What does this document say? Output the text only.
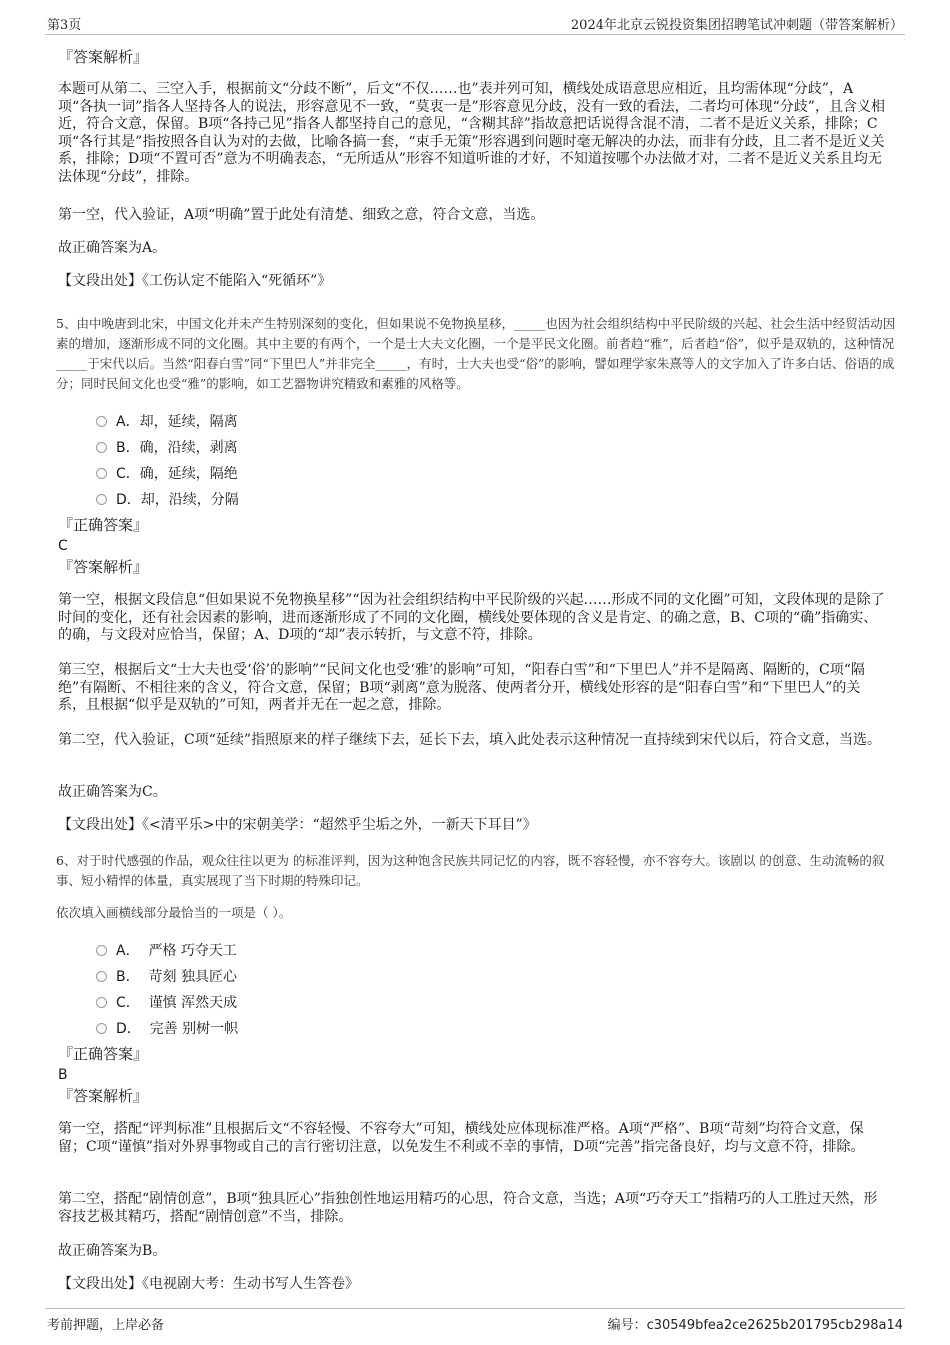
第3页	2024年北京云锐投资集团招聘笔试冲刺题（带答案解析）

『答案解析』

本题可从第二、三空入手，根据前文“分歧不断”，后文“不仅……也”表并列可知，横线处成语意思应相近，且均需体现“分歧”，A项“各执一词”指各人坚持各人的说法，形容意见不一致，“莫衷一是”形容意见分歧，没有一致的看法，二者均可体现“分歧”，且含义相近，符合文意，保留。B项“各持己见”指各人都坚持自己的意见，“含糊其辞”指故意把话说得含混不清，二者不是近义关系，排除；C项“各行其是”指按照各自认为对的去做，比喻各搞一套，“束手无策”形容遇到问题时毫无解决的办法，而非有分歧，且二者不是近义关系，排除；D项“不置可否”意为不明确表态，“无所适从”形容不知道听谁的才好，不知道按哪个办法做才对，二者不是近义关系且均无法体现“分歧”，排除。

第一空，代入验证，A项“明确”置于此处有清楚、细致之意，符合文意，当选。

故正确答案为A。

【文段出处】《工伤认定不能陷入“死循环”》

5、由中晚唐到北宋，中国文化并未产生特别深刻的变化，但如果说不免物换星移，_____也因为社会组织结构中平民阶级的兴起、社会生活中经贸活动因素的增加，逐渐形成不同的文化圈。其中主要的有两个，一个是士大夫文化圈，一个是平民文化圈。前者趋“雅”，后者趋“俗”，似乎是双轨的，这种情况_____于宋代以后。当然“阳春白雪”同“下里巴人”并非完全_____，有时，士大夫也受“俗”的影响，譬如理学家朱熹等人的文字加入了许多白话、俗语的成分；同时民间文化也受“雅”的影响，如工艺器物讲究精致和素雅的风格等。

A．却，延续，隔离
B．确，沿续，剥离
C．确，延续，隔绝
D．却，沿续，分隔

『正确答案』

C

『答案解析』

第一空，根据文段信息“但如果说不免物换星移”“因为社会组织结构中平民阶级的兴起……形成不同的文化圈”可知，文段体现的是除了时间的变化，还有社会因素的影响，进而逐渐形成了不同的文化圈，横线处要体现的含义是肯定、的确之意，B、C项的“确”指确实、的确，与文段对应恰当，保留；A、D项的“却”表示转折，与文意不符，排除。

第三空，根据后文“士大夫也受‘俗’的影响”“民间文化也受‘雅’的影响”可知，“阳春白雪”和“下里巴人”并不是隔离、隔断的，C项“隔绝”有隔断、不相往来的含义，符合文意，保留；B项“剥离”意为脱落、使两者分开，横线处形容的是“阳春白雪”和“下里巴人”的关系，且根据“似乎是双轨的”可知，两者并无在一起之意，排除。

第二空，代入验证，C项“延续”指照原来的样子继续下去，延长下去，填入此处表示这种情况一直持续到宋代以后，符合文意，当选。

故正确答案为C。

【文段出处】《<清平乐>中的宋朝美学：“超然乎尘垢之外，一新天下耳目”》

6、对于时代感强的作品，观众往往以更为 的标准评判，因为这种饱含民族共同记忆的内容，既不容轻慢，亦不容夸大。该剧以 的创意、生动流畅的叙事、短小精悍的体量，真实展现了当下时期的特殊印记。

依次填入画横线部分最恰当的一项是（ ）。

A． 严格 巧夺天工
B． 苛刻 独具匠心
C． 谨慎 浑然天成
D． 完善 别树一帜

『正确答案』

B

『答案解析』

第一空，搭配“评判标准”且根据后文“不容轻慢、不容夸大”可知，横线处应体现标准严格。A项“严格”、B项“苛刻”均符合文意，保留；C项“谨慎”指对外界事物或自己的言行密切注意，以免发生不利或不幸的事情，D项“完善”指完备良好，均与文意不符，排除。

第二空，搭配“剧情创意”，B项“独具匠心”指独创性地运用精巧的心思，符合文意，当选；A项“巧夺天工”指精巧的人工胜过天然，形容技艺极其精巧，搭配“剧情创意”不当，排除。

故正确答案为B。

【文段出处】《电视剧大考：生动书写人生答卷》

考前押题，上岸必备	编号：c30549bfea2ce2625b201795cb298a14
